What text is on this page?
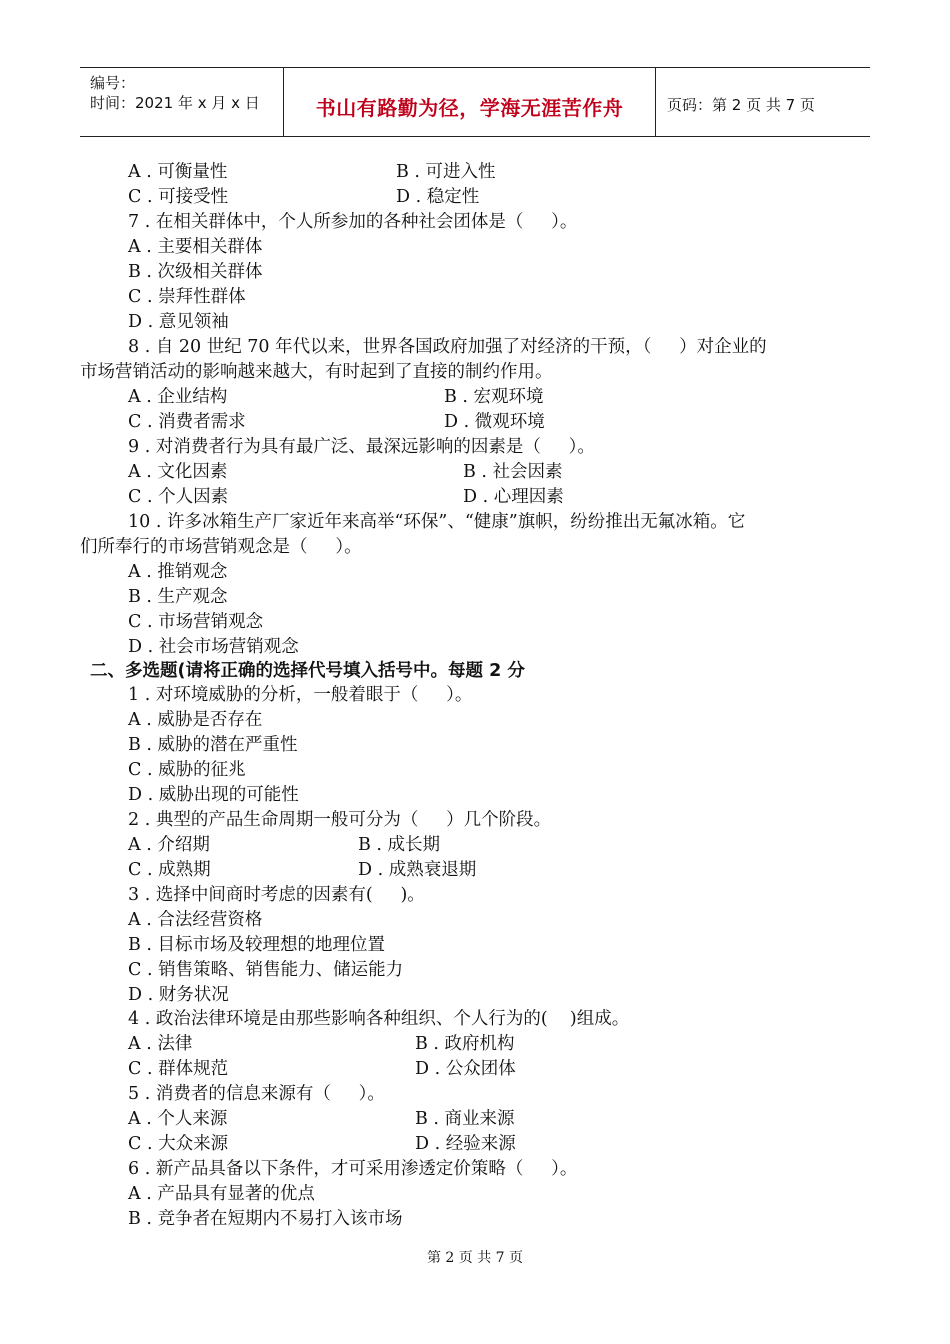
编号：
时间：2021 年 x 月 x 日	书山有路勤为径，学海无涯苦作舟	页码：第 2 页 共 7 页
A . 可衡量性	B . 可进入性
C . 可接受性	D . 稳定性
7 . 在相关群体中，个人所参加的各种社会团体是（     ）。
A . 主要相关群体
B . 次级相关群体
C . 崇拜性群体
D . 意见领袖
8 . 自 20 世纪 70 年代以来，世界各国政府加强了对经济的干预，（     ）对企业的
市场营销活动的影响越来越大，有时起到了直接的制约作用。
A . 企业结构	B . 宏观环境
C . 消费者需求	D . 微观环境
9 . 对消费者行为具有最广泛、最深远影响的因素是（     ）。
A . 文化因素	B . 社会因素
C . 个人因素	D . 心理因素
10 . 许多冰箱生产厂家近年来高举“环保”、“健康”旗帜，纷纷推出无氟冰箱。它
们所奉行的市场营销观念是（     ）。
A . 推销观念
B . 生产观念
C . 市场营销观念
D . 社会市场营销观念
二、多选题(请将正确的选择代号填入括号中。每题 2 分
1 . 对环境威胁的分析，一般着眼于（     ）。
A . 威胁是否存在
B . 威胁的潜在严重性
C . 威胁的征兆
D . 威胁出现的可能性
2 . 典型的产品生命周期一般可分为（     ）几个阶段。
A . 介绍期	B . 成长期
C . 成熟期	D . 成熟衰退期
3 . 选择中间商时考虑的因素有(     )。
A . 合法经营资格
B . 目标市场及较理想的地理位置
C . 销售策略、销售能力、储运能力
D . 财务状况
4 . 政治法律环境是由那些影响各种组织、个人行为的(    )组成。
A . 法律	B . 政府机构
C . 群体规范	D . 公众团体
5 . 消费者的信息来源有（     ）。
A . 个人来源	B . 商业来源
C . 大众来源	D . 经验来源
6 . 新产品具备以下条件，才可采用渗透定价策略（     ）。
A . 产品具有显著的优点
B . 竞争者在短期内不易打入该市场
第 2 页 共 7 页
